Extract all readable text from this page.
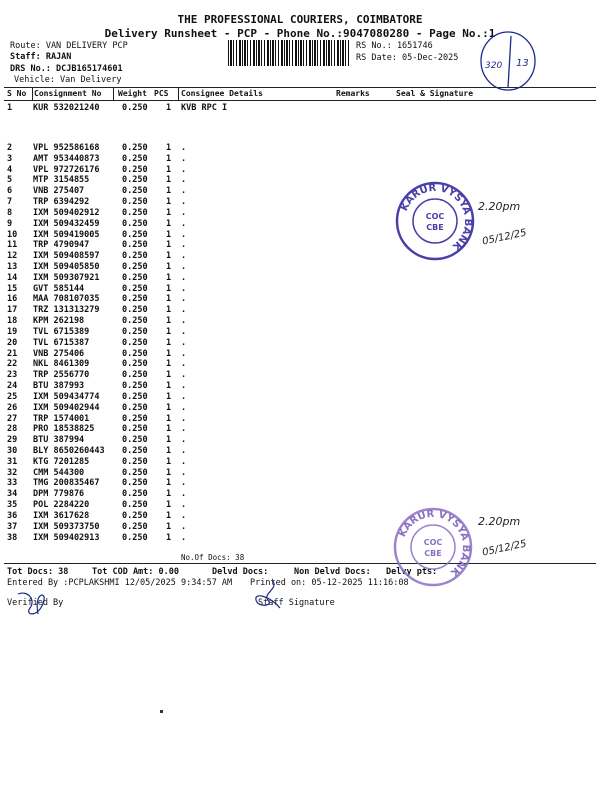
THE PROFESSIONAL COURIERS, COIMBATORE
Delivery Runsheet - PCP - Phone No.:9047080280 - Page No.:1
Route: VAN DELIVERY PCP
Staff: RAJAN
DRS No.: DCJB165174601
Vehicle: Van Delivery
RS No.: 1651746
RS Date: 05-Dec-2025
S No Consignment No Weight PCS Consignee Details	Remarks	Seal & Signature
1 KUR 532021240	0.250 1 KVB RPC I
2 VPL 952586168	0.250 1 .
3 AMT 953440873	0.250 1 .
4 VPL 972726176	0.250 1 .
5 MTP 3154855	0.250 1 .
6 VNB 275407	0.250 1 .
7 TRP 6394292	0.250 1 .
8 IXM 509402912	0.250 1 .
9 IXM 509432459	0.250 1 .
10 IXM 509419005	0.250 1 .
11 TRP 4790947	0.250 1 .
12 IXM 509408597	0.250 1 .
13 IXM 509405850	0.250 1 .
14 IXM 509307921	0.250 1 .
15 GVT 585144	0.250 1 .
16 MAA 708107035	0.250 1 .
17 TRZ 131313279	0.250 1 .
18 KPM 262198	0.250 1 .
19 TVL 6715389	0.250 1 .
20 TVL 6715387	0.250 1 .
21 VNB 275406	0.250 1 .
22 NKL 8461309	0.250 1 .
23 TRP 2556770	0.250 1 .
24 BTU 387993	0.250 1 .
25 IXM 509434774	0.250 1 .
26 IXM 509402944	0.250 1 .
27 TRP 1574001	0.250 1 .
28 PRO 18538825	0.250 1 .
29 BTU 387994	0.250 1 .
30 BLY 8650260443 0.250 1 .
31 KTG 7201285	0.250 1 .
32 CMM 544300	0.250 1 .
33 TMG 200835467	0.250 1 .
34 DPM 779876	0.250 1 .
35 POL 2284220	0.250 1 .
36 IXM 3617628	0.250 1 .
37 IXM 509373750	0.250 1 .
38 IXM 509402913	0.250 1 .
No.Of Docs: 38
Tot Docs: 38	Tot COD Amt: 0.00	Delvd Docs:	Non Delvd Docs: Delvy pts:
Entered By :PCPLAKSHMI 12/05/2025 9:34:57 AM Printed on: 05-12-2025 11:16:08
Verified By	Staff Signature
320 13
KARUR VYSYA BANK
COC
CBE
2.20pm
05/12/25
KARUR VYSYA BANK
COC
CBE
2.20pm
05/12/25
